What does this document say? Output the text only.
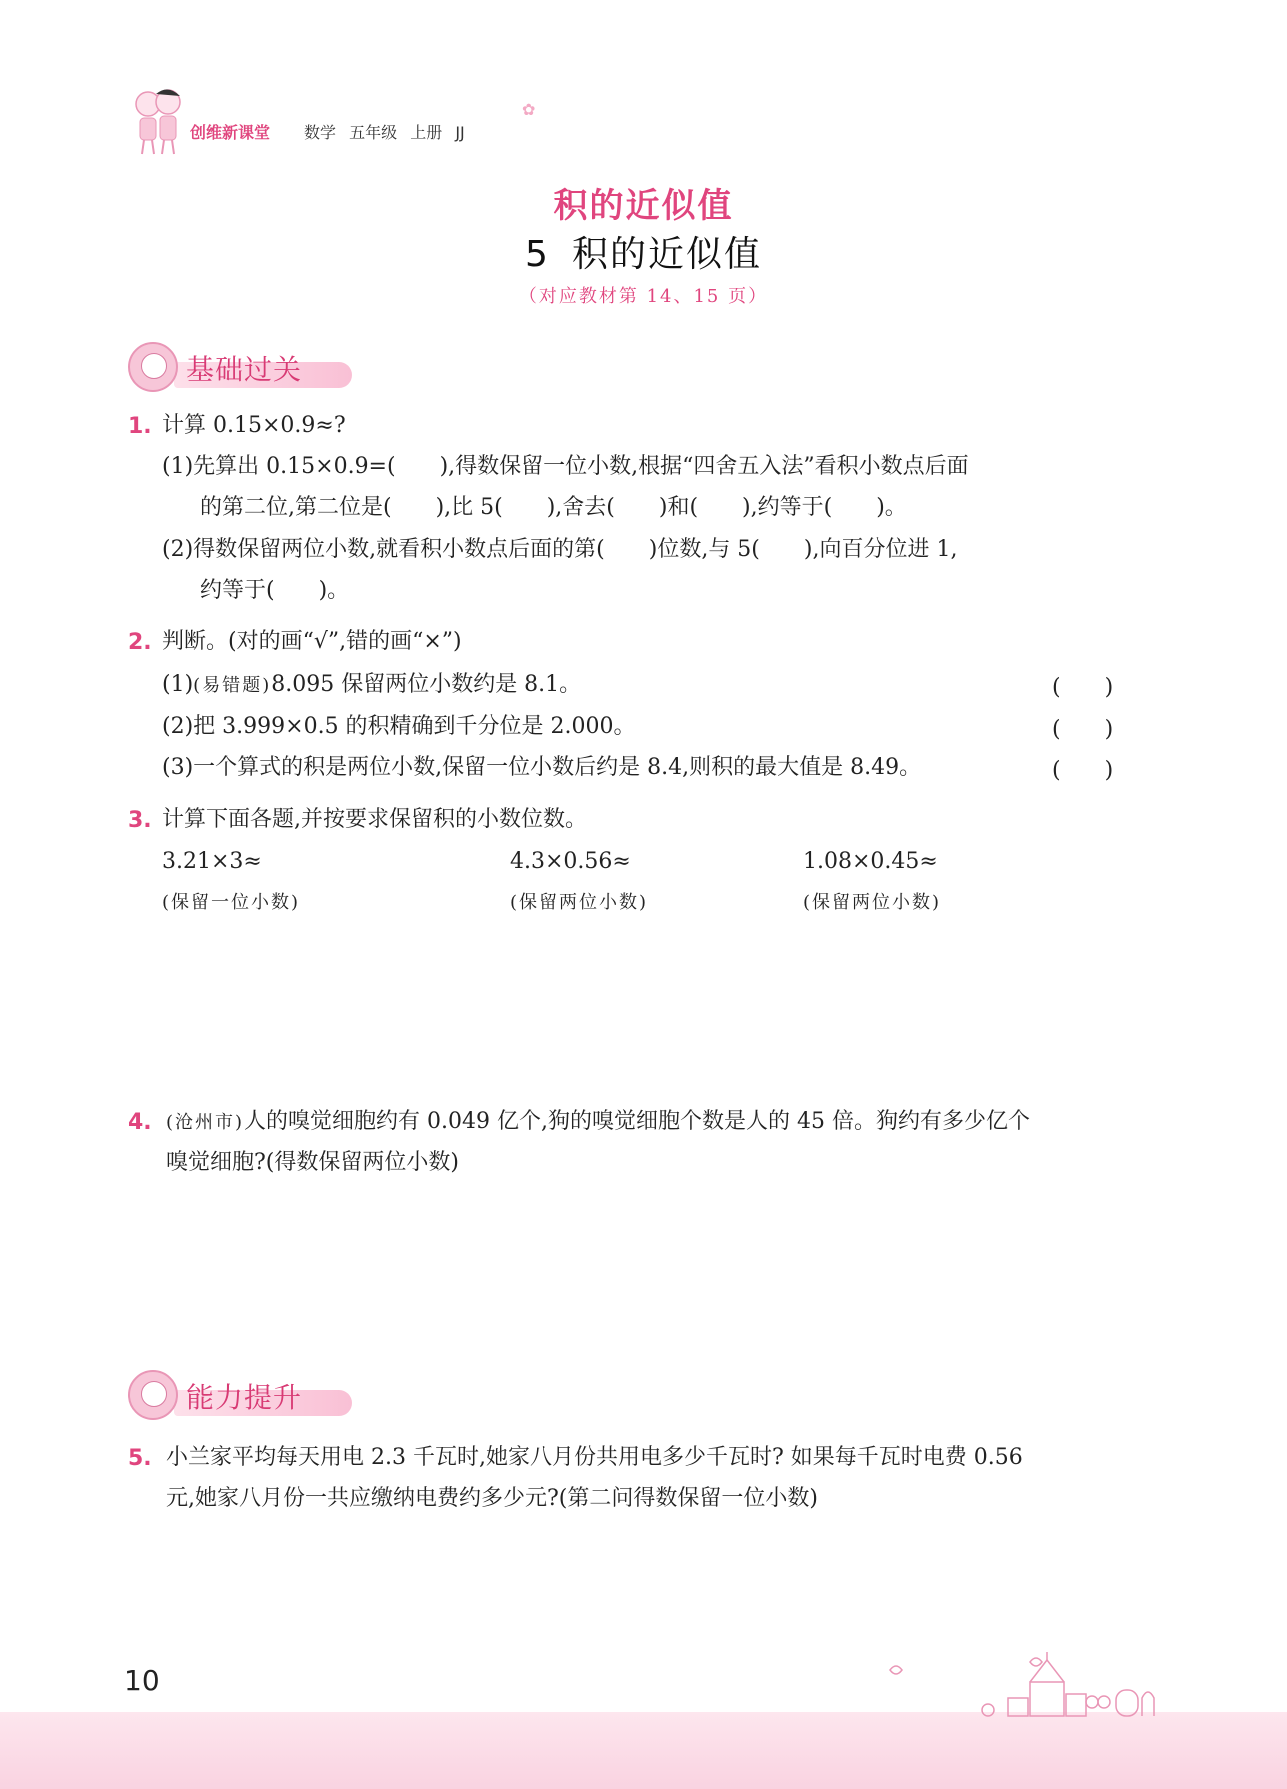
创维新课堂 数学 五年级 上册 JJ
✿
积的近似值
5 积的近似值
（对应教材第 14、15 页）
基础过关
1. 计算 0.15×0.9≈?
(1)先算出 0.15×0.9=(　　),得数保留一位小数,根据“四舍五入法”看积小数点后面
的第二位,第二位是(　　),比 5(　　),舍去(　　)和(　　),约等于(　　)。
(2)得数保留两位小数,就看积小数点后面的第(　　)位数,与 5(　　),向百分位进 1,
约等于(　　)。
2. 判断。(对的画“√”,错的画“×”)
(1)(易错题)8.095 保留两位小数约是 8.1。	(　　)
(2)把 3.999×0.5 的积精确到千分位是 2.000。	(　　)
(3)一个算式的积是两位小数,保留一位小数后约是 8.4,则积的最大值是 8.49。	(　　)
3. 计算下面各题,并按要求保留积的小数位数。
3.21×3≈
(保留一位小数)
4.3×0.56≈
(保留两位小数)
1.08×0.45≈
(保留两位小数)
4. (沧州市)人的嗅觉细胞约有 0.049 亿个,狗的嗅觉细胞个数是人的 45 倍。狗约有多少亿个
嗅觉细胞?(得数保留两位小数)
能力提升
5. 小兰家平均每天用电 2.3 千瓦时,她家八月份共用电多少千瓦时? 如果每千瓦时电费 0.56
元,她家八月份一共应缴纳电费约多少元?(第二问得数保留一位小数)
10
